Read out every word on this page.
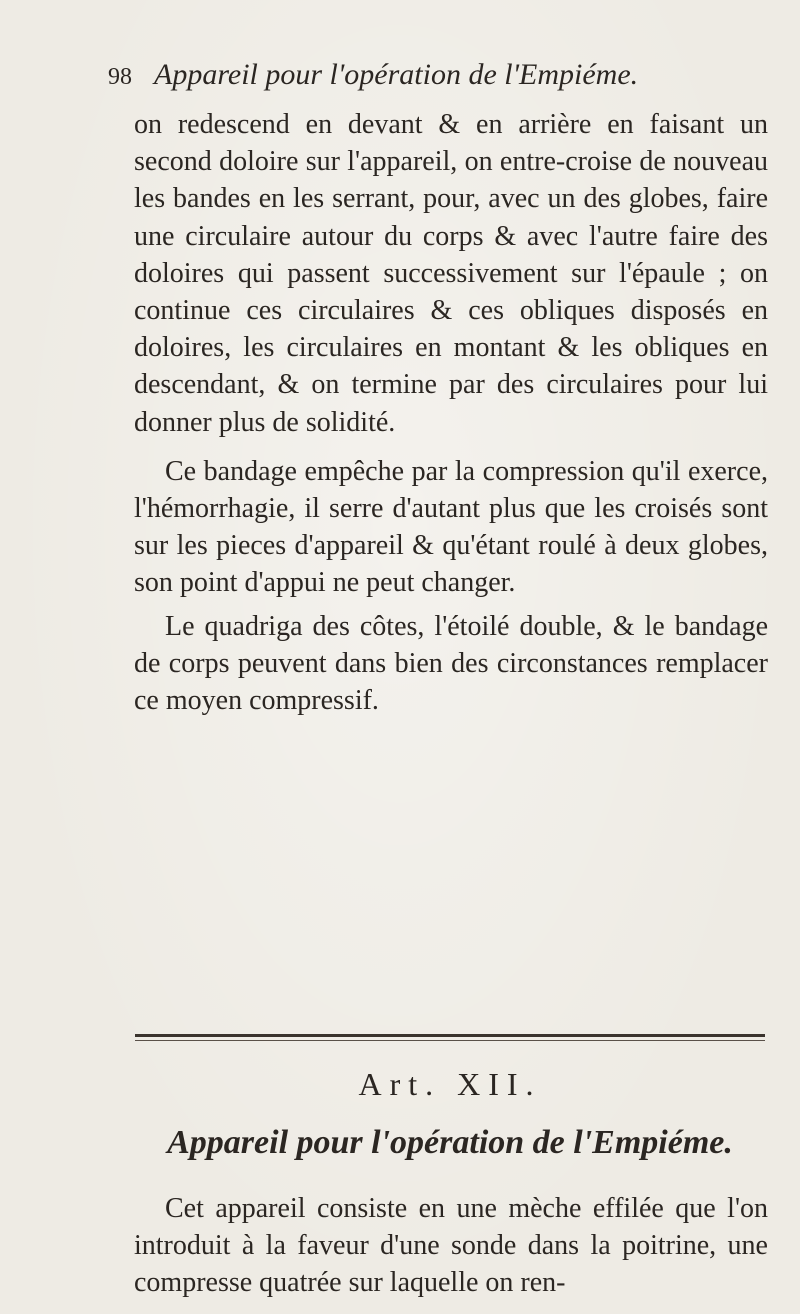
98 Appareil pour l'opération de l'Empiéme.

on redescend en devant & en arrière en faisant un second doloire sur l'appareil, on entre-croise de nouveau les bandes en les serrant, pour, avec un des globes, faire une circulaire autour du corps & avec l'autre faire des doloires qui passent successivement sur l'épaule ; on continue ces circulaires & ces obliques disposés en doloires, les circulaires en montant & les obliques en descendant, & on termine par des circulaires pour lui donner plus de solidité.

Ce bandage empêche par la compression qu'il exerce, l'hémorrhagie, il serre d'autant plus que les croisés sont sur les pieces d'appareil & qu'étant roulé à deux globes, son point d'appui ne peut changer.

Le quadriga des côtes, l'étoilé double, & le bandage de corps peuvent dans bien des circonstances remplacer ce moyen compressif.

Art. XII.
Appareil pour l'opération de l'Empiéme.

Cet appareil consiste en une mèche effilée que l'on introduit à la faveur d'une sonde dans la poitrine, une compresse quatrée sur laquelle on ren-
